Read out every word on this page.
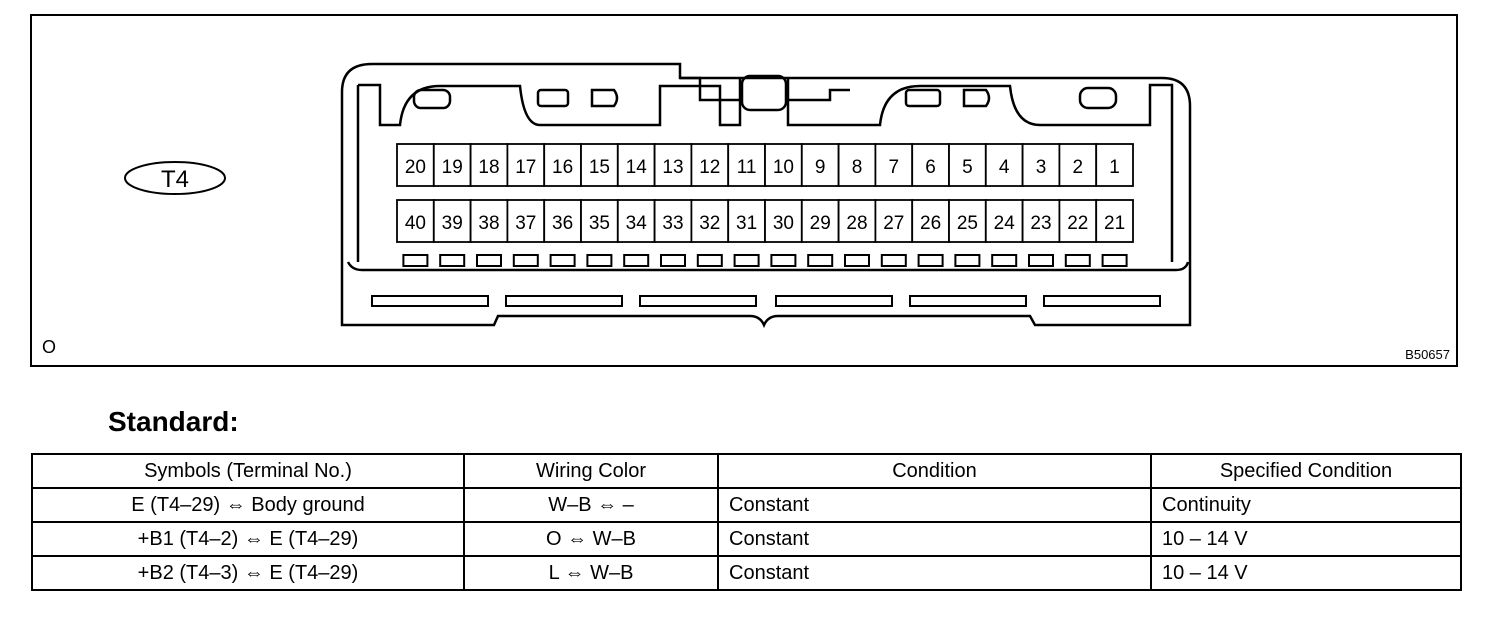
20 19 18 17 16 15 14 13 12 11 10 9 8 7 6 5 4 3 2 1
40 39 38 37 36 35 34 33 32 31 30 29 28 27 26 25 24 23 22 21
T4
O	B50657
Standard:
Symbols (Terminal No.)	Wiring Color	Condition	Specified Condition
E (T4–29) ⇔ Body ground	W–B ⇔ –	Constant	Continuity
+B1 (T4–2) ⇔ E (T4–29)	O ⇔ W–B	Constant	10 – 14 V
+B2 (T4–3) ⇔ E (T4–29)	L ⇔ W–B	Constant	10 – 14 V
